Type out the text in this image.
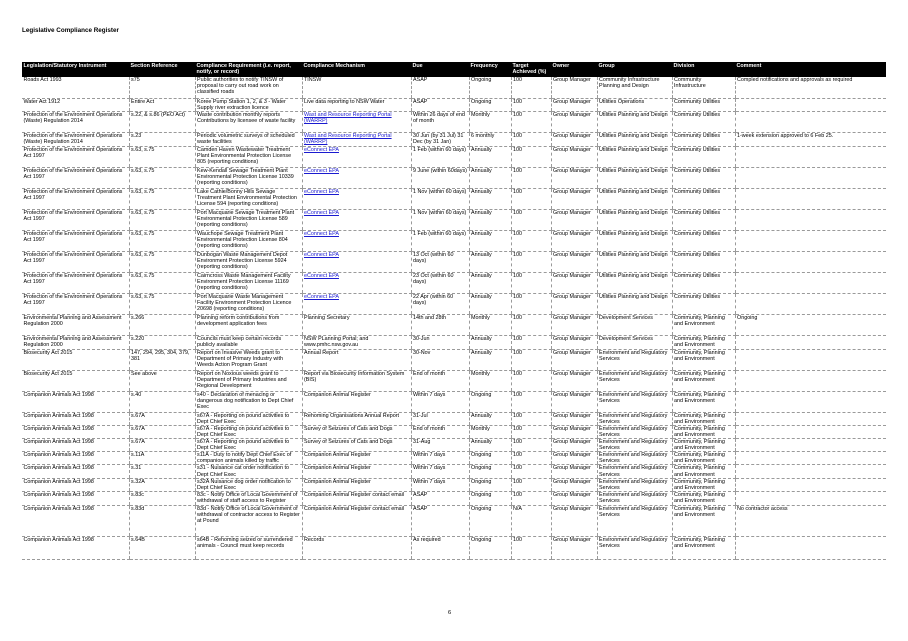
Legislative Compliance Register
Legislation/Statutory Instrument	Section Reference	Compliance Requirement (i.e. report, notify, or record)	Compliance Mechanism	Due	Frequency	Target Achieved (%)	Owner	Group	Division	Comment
Roads Act 1993	s75	Public authorities to notify TINSW of proposal to carry out road work on classified roads	TINSW	ASAP	Ongoing	100	Group Manager	Community Infrastructure Planning and Design	Community Infrastructure	Compled notifications and approvals as required
Water Act 1912	Entire Act	Koree Pump Station 1, 2, & 3 - Water Supply river extraction licence	Live data reporting to NSW Water	ASAP	Ongoing	100	Group Manager	Utilities Operations	Community Utilities	
Protection of the Environment Operations (Waste) Regulation 2014	s.22, & s.86 (PEO Act)	Waste contribution monthly reports Contributions by licensee of waste facility	Wast and Resource Reporting Portal (WARRP)	Within 26 days of end of month	Monthly	100	Group Manager	Utilities Planning and Design	Community Utilities	
Protection of the Environment Operations (Waste) Regulation 2014	s.23	Periodic volumetric surveys of scheduled waste facilities	Wast and Resource Reporting Portal (WARRP)	30 Jun (by 31 Jul) 31 Dec (by 31 Jan)	6 monthly	100	Group Manager	Utilities Planning and Design	Community Utilities	1-week extension approved to 6 Feb 25.
Protection of the Environment Operations Act 1997	s.63, s.75	Camden Haven Wastewater Treatment Plant Environmental Protection License 805 (reporting conditions)	eConnect EPA	1 Feb (within 60 days)	Annually	100	Group Manager	Utilities Planning and Design	Community Utilities	
Protection of the Environment Operations Act 1997	s.63, s.75	Kew-Kendall Sewage Treatment Plant Environmental Protection License 10339 (reporting conditions)	eConnect EPA	9 June (within 60days)	Annually	100	Group Manager	Utilities Planning and Design	Community Utilities	
Protection of the Environment Operations Act 1997	s.63, s.75	Lake Cathie/Bonny Hills Sewage Treatment Plant Environmental Protection License 594 (reporting conditions)	eConnect EPA	1 Nov (within 60 days)	Annually	100	Group Manager	Utilities Planning and Design	Community Utilities	
Protection of the Environment Operations Act 1997	s.63, s.75	Port Macquarie Sewage Treatment Plant Environmental Protection License 589 (reporting conditions)	eConnect EPA	1 Nov (within 60 days)	Annually	100	Group Manager	Utilities Planning and Design	Community Utilities	
Protection of the Environment Operations Act 1997	s.63, s.75	Wauchope Sewage Treatment Plant Environmental Protection License 804 (reporting conditions)	eConnect EPA	1 Feb (within 60 days)	Annually	100	Group Manager	Utilities Planning and Design	Community Utilities	
Protection of the Environment Operations Act 1997	s.63, s.75	Dunbogan Waste Management Depot Environment Protection License 5924 (reporting conditions)	eConnect EPA	13 Oct (within 60 days)	Annually	100	Group Manager	Utilities Planning and Design	Community Utilities	
Protection of the Environment Operations Act 1997	s.63, s.75	Cairncross Waste Management Facility Environment Protection License 11169 (reporting conditions)	eConnect EPA	23 Oct (within 60 days)	Annually	100	Group Manager	Utilities Planning and Design	Community Utilities	
Protection of the Environment Operations Act 1997	s.63, s.75	Port Macquarie Waste Management Facility Environment Protection Licence 20698 (reporting conditions)	eConnect EPA	22 Apr (within 60 days)	Annually	100	Group Manager	Utilities Planning and Design	Community Utilities	
Environmental Planning and Assessment Regulation 2000	s.266	Planning reform contributions from development application fees	Planning Secretary	14th and 28th	Monthly	100	Group Manager	Development Services	Community, Planning and Environment	Ongoing
Environmental Planning and Assessment Regulation 2000	s.220	Councils must keep certain records publicly available	NSW PLanning Portal; and www.pmhc.nsw.gov.au	30-Jun	Annually	100	Group Manager	Development Services	Community, Planning and Environment	
Biosecurity Act 2015	147, 294, 295, 304, 379, 381	Report on Invasive Weeds grant to Department of Primary Industry with Weeds Action Program Grant	Annual Report	30-Nov	Annually	100	Group Manager	Environment and Regulatory Services	Community, Planning and Environment	
Biosecurity Act 2015	See above	Report on Noxious weeds grant to Department of Primary Industries and Regional Development	Report via Biosecurity Information System (BIS)	End of month	Monthly	100	Group Manager	Environment and Regulatory Services	Community, Planning and Environment	
Companion Animals Act 1998	s.40	s40 - Declaration of menacing or dangerous dog notification to Dept Chief Exec	Companion Animal Register	Within 7 days	Ongoing	100	Group Manager	Environment and Regulatory Services	Community, Planning and Environment	
Companion Animals Act 1998	s.67A	s67A - Reporting on pound activities to Dept Chief Exec	Rehoming Organisations Annual Report	31-Jul	Annually	100	Group Manager	Environment and Regulatory Services	Community, Planning and Environment	
Companion Animals Act 1998	s.67A	s67A - Reporting on pound activities to Dept Chief Exec	Survey of Seizures of Cats and Dogs	End of month	Monthly	100	Group Manager	Environment and Regulatory Services	Community, Planning and Environment	
Companion Animals Act 1998	s.67A	s67A - Reporting on pound activities to Dept Chief Exec	Survey of Seizures of Cats and Dogs	31-Aug	Annually	100	Group Manager	Environment and Regulatory Services	Community, Planning and Environment	
Companion Animals Act 1998	s.11A	s11A - Duty to notify Dept Chief Exec of companion animals killed by traffic	Companion Animal Register	Within 7 days	Ongoing	100	Group Manager	Environment and Regulatory Services	Community, Planning and Environment	
Companion Animals Act 1998	s.31	s31 - Nuisance cat order notification to Dept Chief Exec	Companion Animal Register	Within 7 days	Ongoing	100	Group Manager	Environment and Regulatory Services	Community, Planning and Environment	
Companion Animals Act 1998	s.32A	s32A Nuisance dog order notification to Dept Chief Exec	Companion Animal Register	Within 7 days	Ongoing	100	Group Manager	Environment and Regulatory Services	Community, Planning and Environment	
Companion Animals Act 1998	s.83c	83c - Notify Office of Local Government of withdrawal of staff access to Register	Companion Animal Register contact email	ASAP	Ongoing	100	Group Manager	Environment and Regulatory Services	Community, Planning and Environment	
Companion Animals Act 1998	s.83d	83d - Notify Office of Local Government of withdrawal of contractor access to Register at Pound	Companion Animal Register contact email	ASAP	Ongoing	N/A	Group Manager	Environment and Regulatory Services	Community, Planning and Environment	No contractor access
Companion Animals Act 1998	s.64B	s64B - Rehoming seized or surrendered animals - Council must keep records	Records	As required	Ongoing	100	Group Manager	Environment and Regulatory Services	Community, Planning and Environment	
6
